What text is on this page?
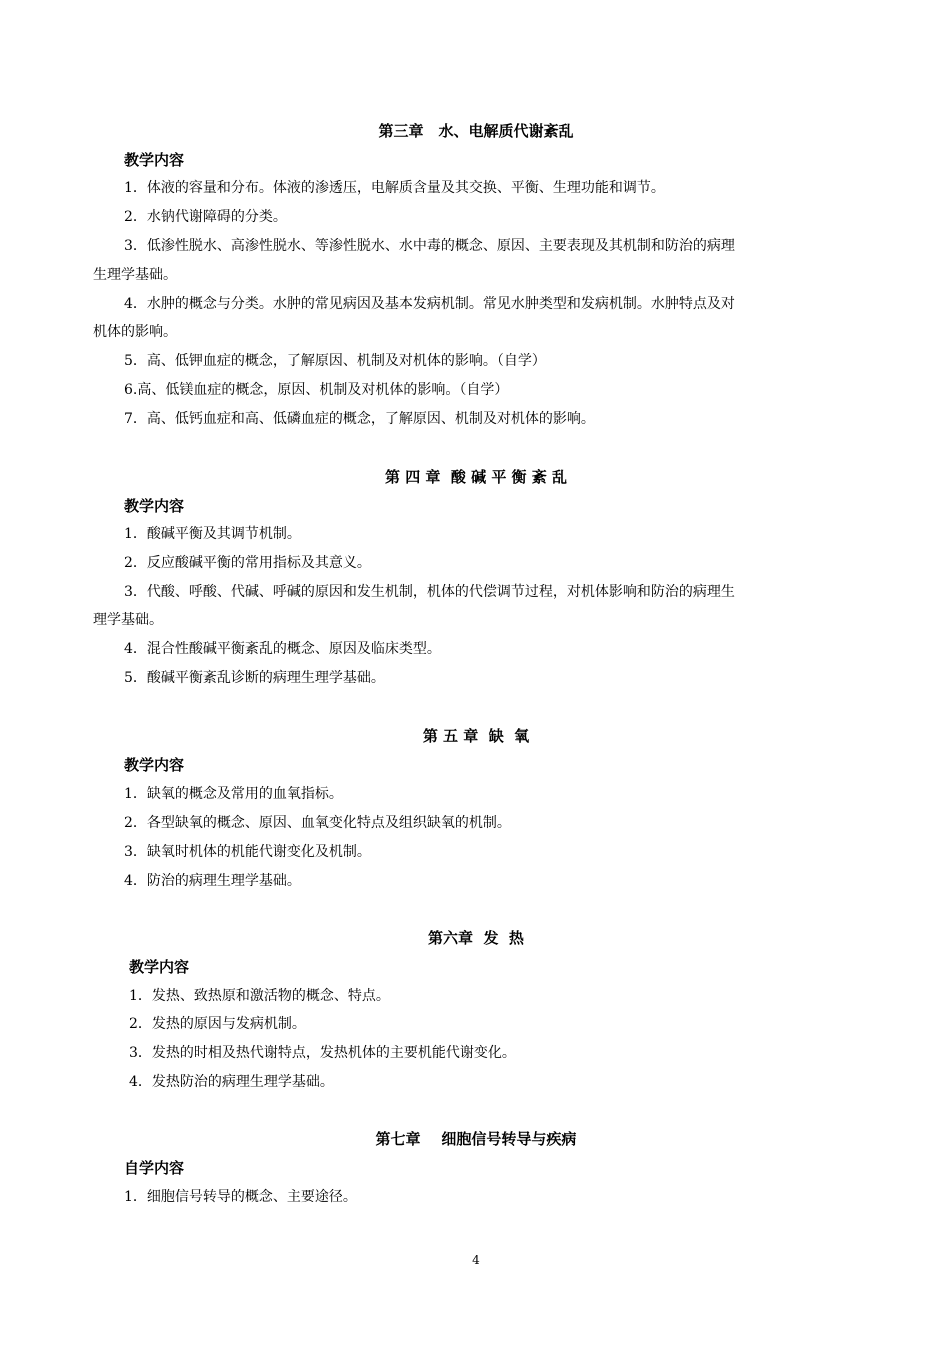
第三章　水、电解质代谢紊乱
教学内容
1．体液的容量和分布。体液的渗透压，电解质含量及其交换、平衡、生理功能和调节。
2．水钠代谢障碍的分类。
3．低渗性脱水、高渗性脱水、等渗性脱水、水中毒的概念、原因、主要表现及其机制和防治的病理
生理学基础。
4．水肿的概念与分类。水肿的常见病因及基本发病机制。常见水肿类型和发病机制。水肿特点及对
机体的影响。
5．高、低钾血症的概念，了解原因、机制及对机体的影响。（自学）
6.高、低镁血症的概念，原因、机制及对机体的影响。（自学）
7．高、低钙血症和高、低磷血症的概念，了解原因、机制及对机体的影响。
第 四 章  酸 碱 平 衡 紊 乱
教学内容
1．酸碱平衡及其调节机制。
2．反应酸碱平衡的常用指标及其意义。
3．代酸、呼酸、代碱、呼碱的原因和发生机制，机体的代偿调节过程，对机体影响和防治的病理生
理学基础。
4．混合性酸碱平衡紊乱的概念、原因及临床类型。
5．酸碱平衡紊乱诊断的病理生理学基础。
第 五 章  缺  氧
教学内容
1．缺氧的概念及常用的血氧指标。
2．各型缺氧的概念、原因、血氧变化特点及组织缺氧的机制。
3．缺氧时机体的机能代谢变化及机制。
4．防治的病理生理学基础。
第六章  发  热
教学内容
1．发热、致热原和激活物的概念、特点。
2．发热的原因与发病机制。
3．发热的时相及热代谢特点，发热机体的主要机能代谢变化。
4．发热防治的病理生理学基础。
第七章    细胞信号转导与疾病
自学内容
1．细胞信号转导的概念、主要途径。
4
